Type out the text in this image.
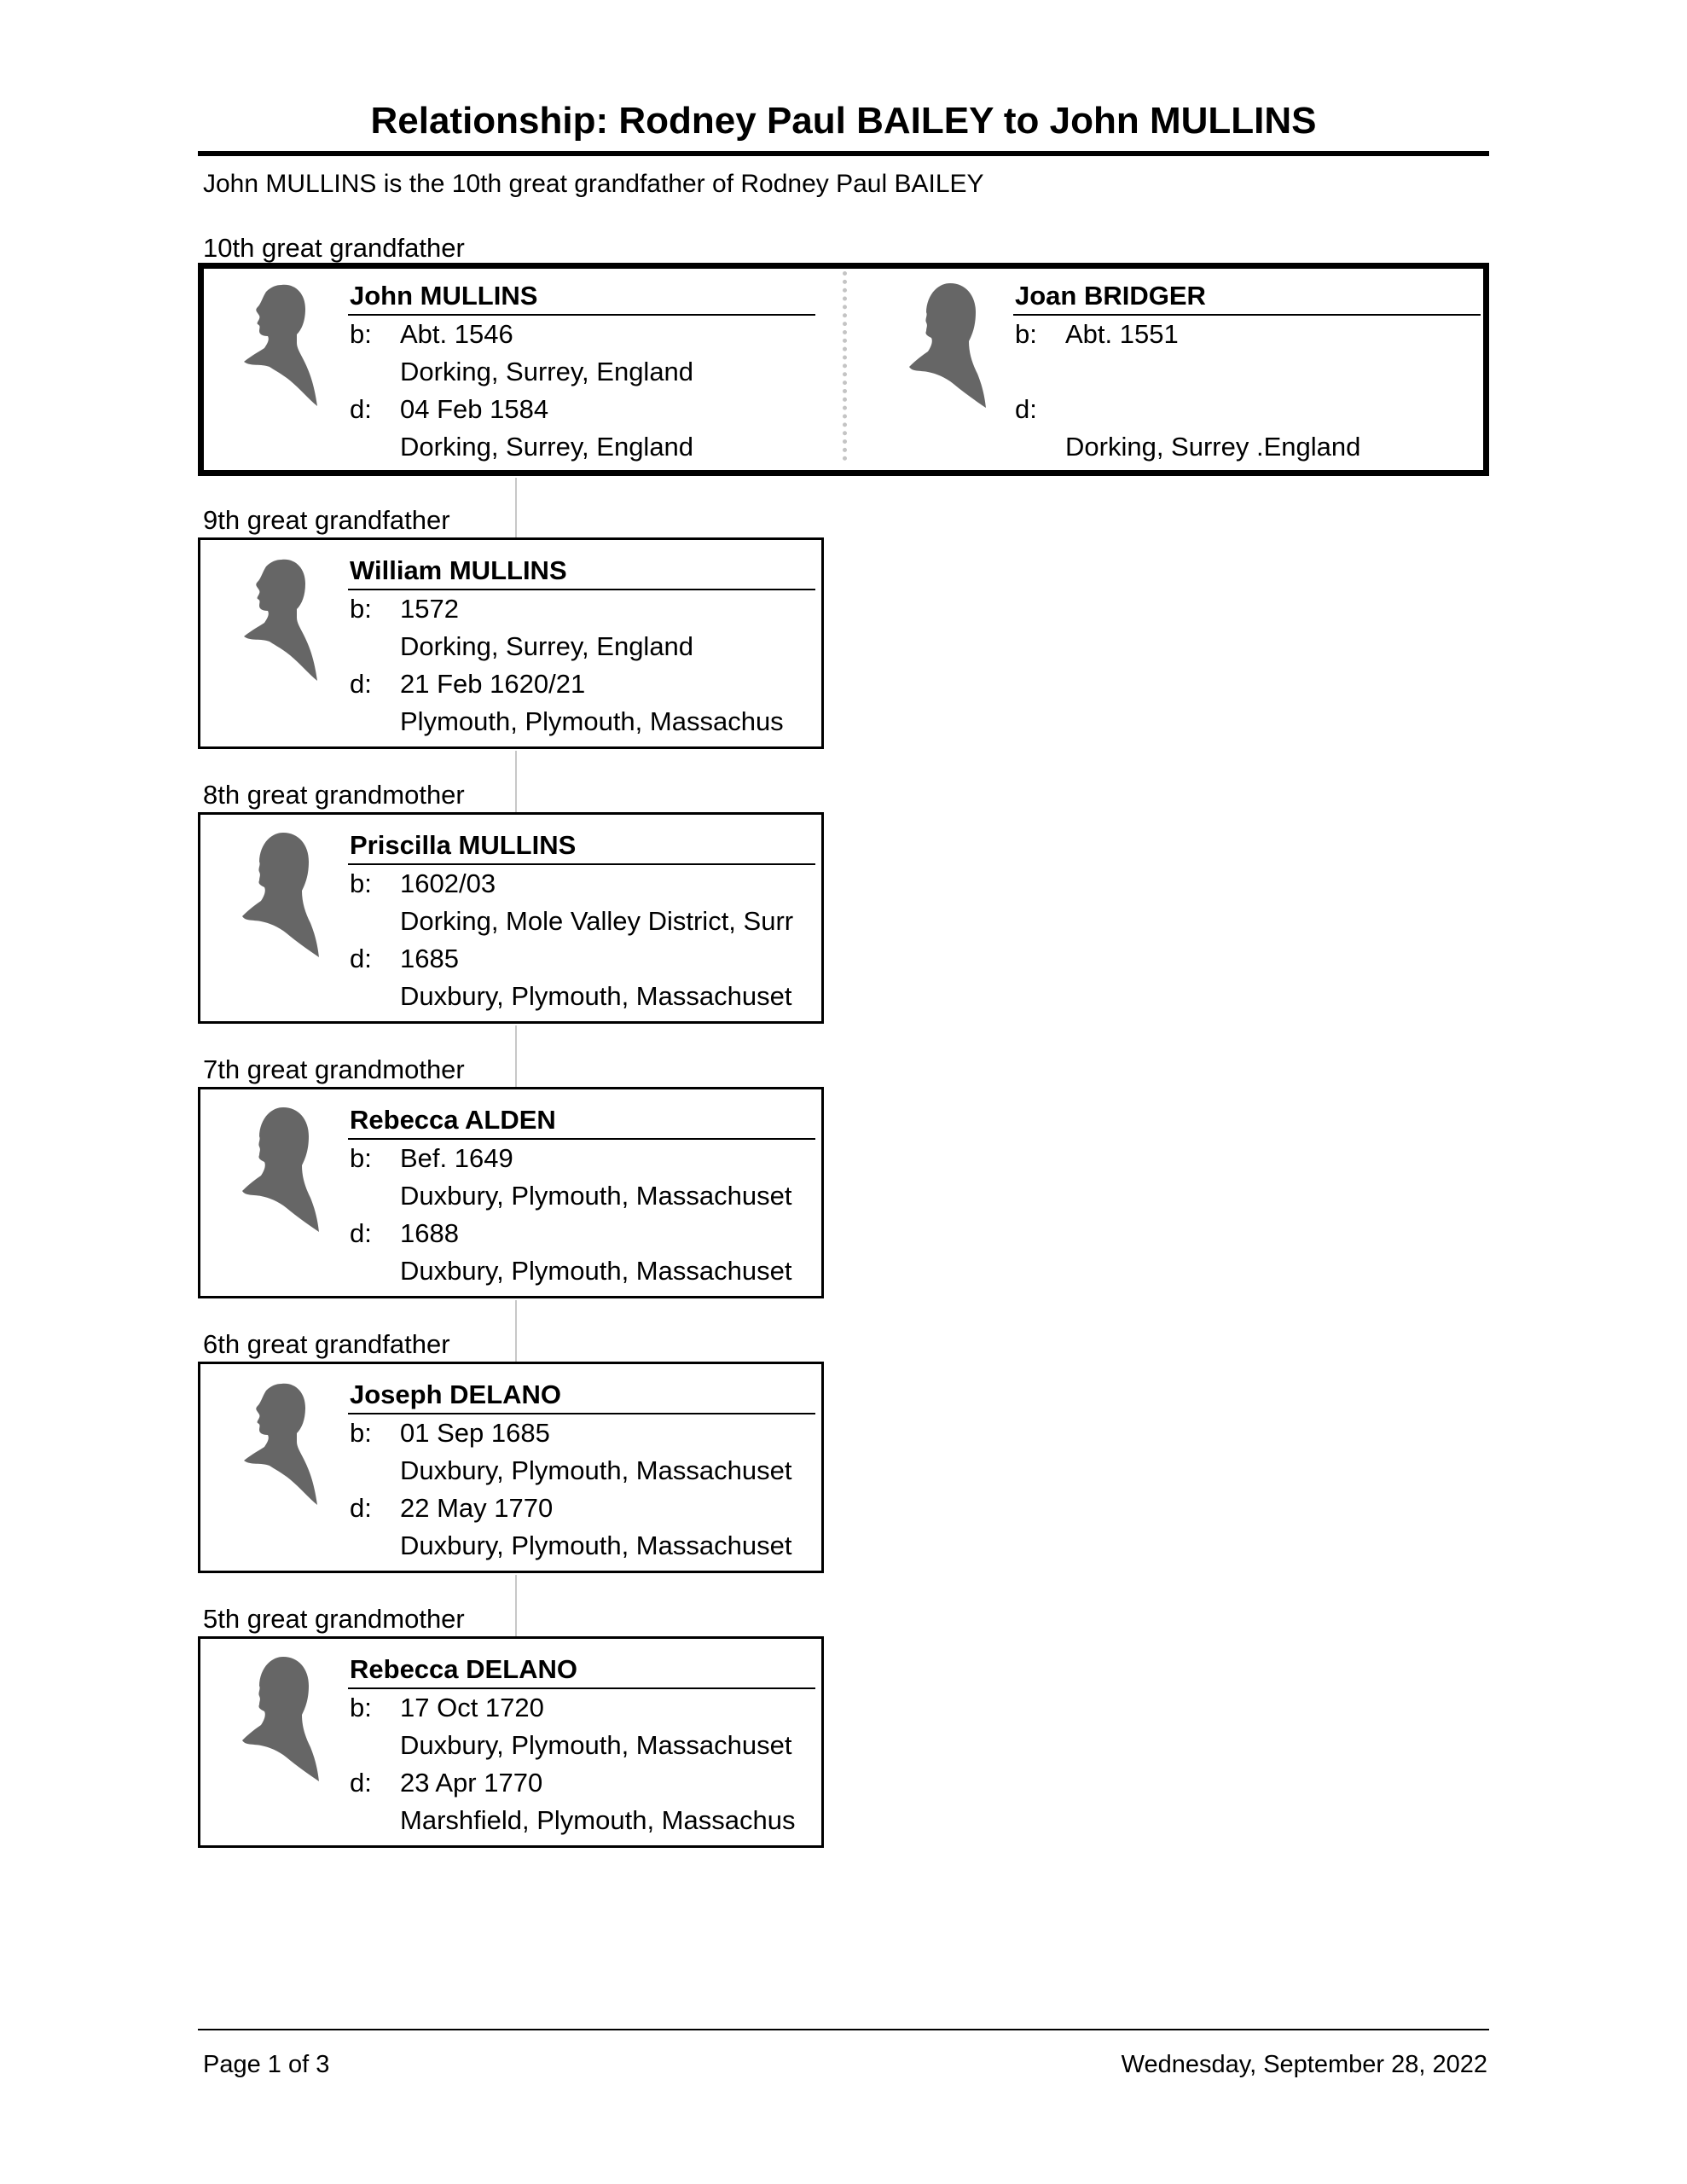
Relationship: Rodney Paul BAILEY to John MULLINS
John MULLINS is the 10th great grandfather of Rodney Paul BAILEY
10th great grandfather
John MULLINS
b: Abt. 1546
Dorking, Surrey, England
d: 04 Feb 1584
Dorking, Surrey, England
Joan BRIDGER
b: Abt. 1551
d:
Dorking, Surrey .England
9th great grandfather
William MULLINS
b: 1572
Dorking, Surrey, England
d: 21 Feb 1620/21
Plymouth, Plymouth, Massachus
8th great grandmother
Priscilla MULLINS
b: 1602/03
Dorking, Mole Valley District, Surr
d: 1685
Duxbury, Plymouth, Massachuset
7th great grandmother
Rebecca ALDEN
b: Bef. 1649
Duxbury, Plymouth, Massachuset
d: 1688
Duxbury, Plymouth, Massachuset
6th great grandfather
Joseph DELANO
b: 01 Sep 1685
Duxbury, Plymouth, Massachuset
d: 22 May 1770
Duxbury, Plymouth, Massachuset
5th great grandmother
Rebecca DELANO
b: 17 Oct 1720
Duxbury, Plymouth, Massachuset
d: 23 Apr 1770
Marshfield, Plymouth, Massachus
Page 1 of 3	Wednesday, September 28, 2022
